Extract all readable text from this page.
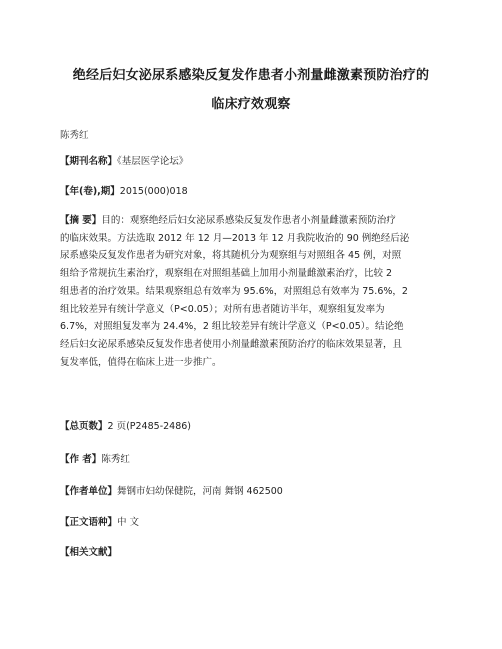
绝经后妇女泌尿系感染反复发作患者小剂量雌激素预防治疗的
临床疗效观察
陈秀红
【期刊名称】《基层医学论坛》
【年(卷),期】2015(000)018
【摘 要】目的：观察绝经后妇女泌尿系感染反复发作患者小剂量雌激素预防治疗
的临床效果。方法选取 2012 年 12 月—2013 年 12 月我院收治的 90 例绝经后泌
尿系感染反复发作患者为研究对象，将其随机分为观察组与对照组各 45 例，对照
组给予常规抗生素治疗，观察组在对照组基础上加用小剂量雌激素治疗，比较 2
组患者的治疗效果。结果观察组总有效率为 95.6%，对照组总有效率为 75.6%，2
组比较差异有统计学意义（P<0.05）；对所有患者随访半年，观察组复发率为
6.7%，对照组复发率为 24.4%，2 组比较差异有统计学意义（P<0.05）。结论绝
经后妇女泌尿系感染反复发作患者使用小剂量雌激素预防治疗的临床效果显著，且
复发率低，值得在临床上进一步推广。
【总页数】2 页(P2485-2486)
【作 者】陈秀红
【作者单位】舞钢市妇幼保健院，河南 舞钢 462500
【正文语种】中 文
【相关文献】
